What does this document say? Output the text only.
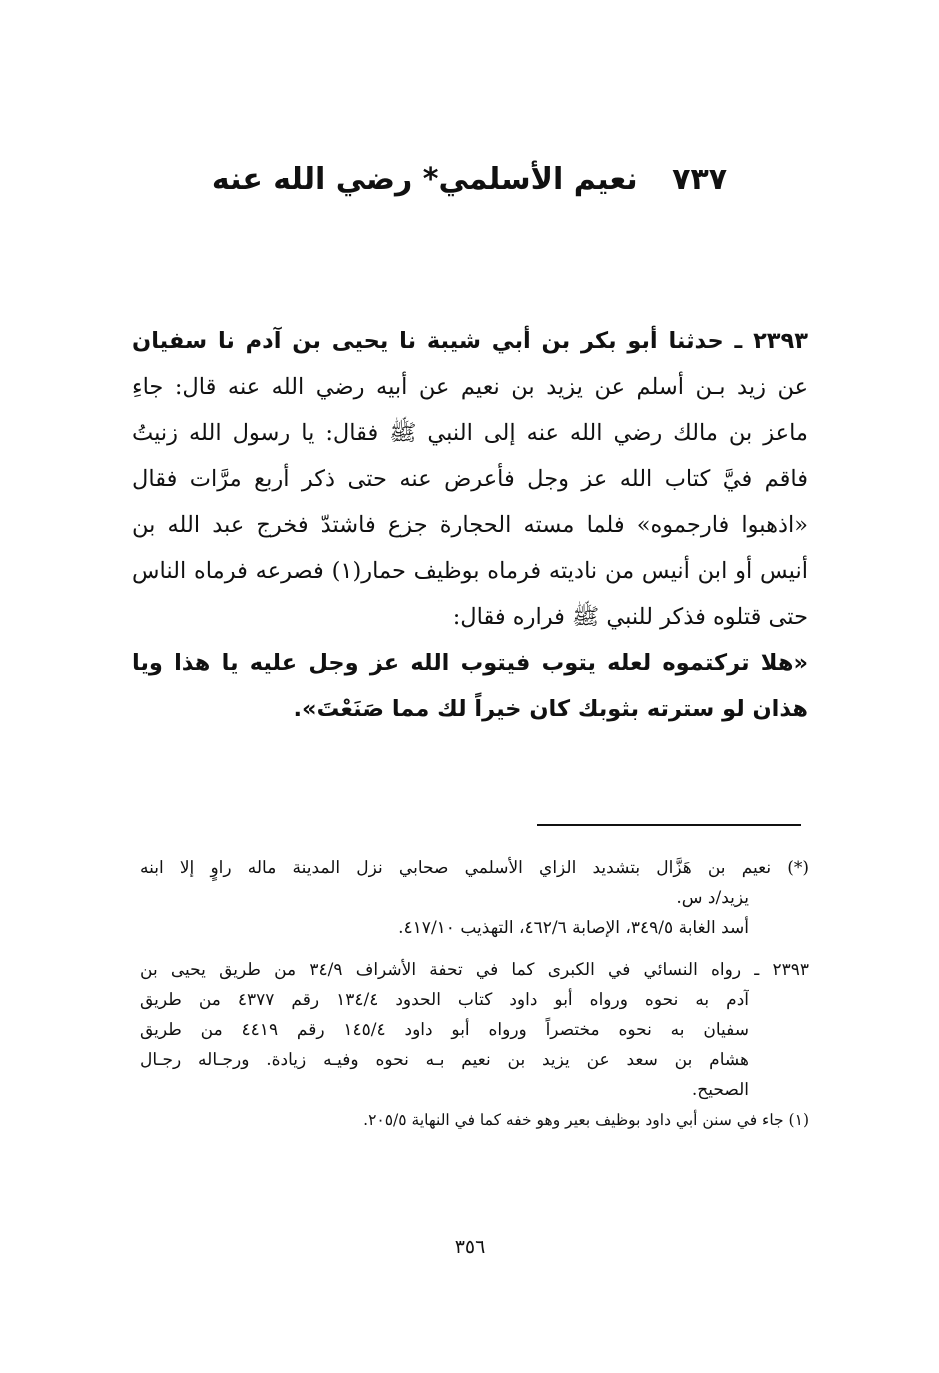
٧٣٧ نعيم الأسلمي* رضي الله عنه
٢٣٩٣ ـ حدثنا أبو بكر بن أبي شيبة نا يحيى بن آدم نا سفيان
عن زيد بـن أسلم عن يزيد بن نعيم عن أبيه رضي الله عنه قال: جاءِ
ماعز بن مالك رضي الله عنه إلى النبي ﷺ فقال: يا رسول الله زنيتُ
فاقم فيَّ كتاب الله عز وجل فأعرض عنه حتى ذكر أربع مرَّات فقال
«اذهبوا فارجموه» فلما مسته الحجارة جزع فاشتدّ فخرج عبد الله بن
أنيس أو ابن أنيس من ناديته فرماه بوظيف حمار(١) فصرعه فرماه الناس
حتى قتلوه فذكر للنبي ﷺ فراره فقال:
«هلا تركتموه لعله يتوب فيتوب الله عز وجل عليه يا هذا ويا
هذان لو سترته بثوبك كان خيراً لك مما صَنَعْتَ».
(*) نعيم بن هَزَّال بتشديد الزاي الأسلمي صحابي نزل المدينة ماله راوٍ إلا ابنه
يزيد/د س.
أسد الغابة ٣٤٩/٥، الإصابة ٤٦٢/٦، التهذيب ٤١٧/١٠.
٢٣٩٣ ـ رواه النسائي في الكبرى كما في تحفة الأشراف ٣٤/٩ من طريق يحيى بن
آدم به نحوه ورواه أبو داود كتاب الحدود ١٣٤/٤ رقم ٤٣٧٧ من طريق
سفيان به نحوه مختصراً ورواه أبو داود ١٤٥/٤ رقم ٤٤١٩ من طريق
هشام بن سعد عن يزيد بن نعيم بـه نحوه وفيـه زيادة. ورجـاله رجـال
الصحيح.
(١) جاء في سنن أبي داود بوظيف بعير وهو خفه كما في النهاية ٢٠٥/٥.
٣٥٦
